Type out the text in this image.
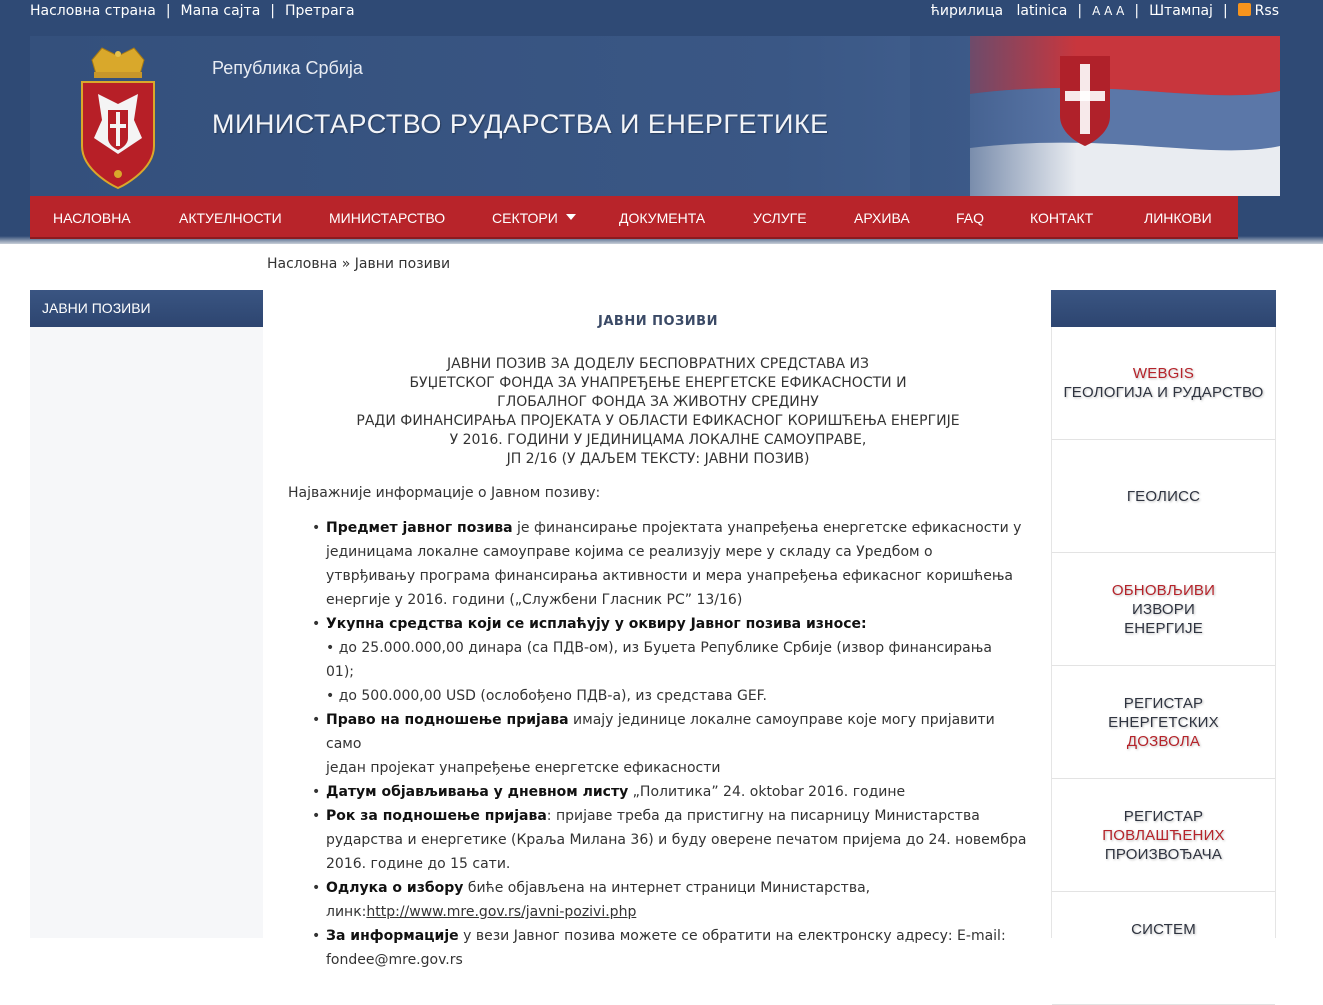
Насловна страна | Мапа сајта | Претрага	ћирилица latinica | A A A | Штампај | Rss
Република Србија
МИНИСТАРСТВО РУДАРСТВА И ЕНЕРГЕТИКЕ
НАСЛОВНА	АКТУЕЛНОСТИ	МИНИСТАРСТВО	СЕКТОРИ	ДОКУМЕНТА	УСЛУГЕ	АРХИВА	FAQ	КОНТАКТ	ЛИНКОВИ
Насловна » Јавни позиви
ЈАВНИ ПОЗИВИ
ЈАВНИ ПОЗИВИ
ЈАВНИ ПОЗИВ ЗА ДОДЕЛУ БЕСПОВРАТНИХ СРЕДСТАВА ИЗ
БУЏЕТСКОГ ФОНДА ЗА УНАПРЕЂЕЊЕ ЕНЕРГЕТСКЕ ЕФИКАСНОСТИ И
ГЛОБАЛНОГ ФОНДА ЗА ЖИВОТНУ СРЕДИНУ
РАДИ ФИНАНСИРАЊА ПРОЈЕКАТА У ОБЛАСТИ ЕФИКАСНОГ КОРИШЋЕЊА ЕНЕРГИЈЕ
У 2016. ГОДИНИ У ЈЕДИНИЦАМА ЛОКАЛНЕ САМОУПРАВЕ,
ЈП 2/16 (У ДАЉЕМ ТЕКСТУ: ЈАВНИ ПОЗИВ)
Најважније информације о Јавном позиву:
• Предмет јавног позива је финансирање пројектата унапређења енергетске ефикасности у
јединицама локалне самоуправе којима се реализују мере у складу са Уредбом о
утврђивању програма финансирања активности и мера унапређења ефикасног коришћења
енергије у 2016. години („Службени Гласник РС” 13/16)
• Укупна средства који се исплаћују у оквиру Јавног позива износе:
• до 25.000.000,00 динара (са ПДВ-ом), из Буџета Републике Србије (извор финансирања
01);
• до 500.000,00 USD (ослобођено ПДВ-а), из средстава GEF.
• Право на подношење пријава имају јединице локалне самоуправе које могу пријавити само
један пројекат унапређење енергетске ефикасности
• Датум објављивања у дневном листу „Политика” 24. oktobar 2016. године
• Рок за подношење пријава: пријаве треба да пристигну на писарницу Министарства
рударства и енергетике (Краља Милана 36) и буду оверене печатом пријема до 24. новембра
2016. године до 15 сати.
• Одлука о избору биће објављена на интернет страници Министарства,
линк:http://www.mre.gov.rs/javni-pozivi.php
• За информације у вези Јавног позива можете се обратити на електронску адресу: E-mail:
fondee@mre.gov.rs
WEBGIS
ГЕОЛОГИЈА И РУДАРСТВО
ГЕОЛИСС
ОБНОВЉИВИ
ИЗВОРИ
ЕНЕРГИЈЕ
РЕГИСТАР
ЕНЕРГЕТСКИХ
ДОЗВОЛА
РЕГИСТАР
ПОВЛАШЋЕНИХ
ПРОИЗВОЂАЧА
СИСТЕМ
